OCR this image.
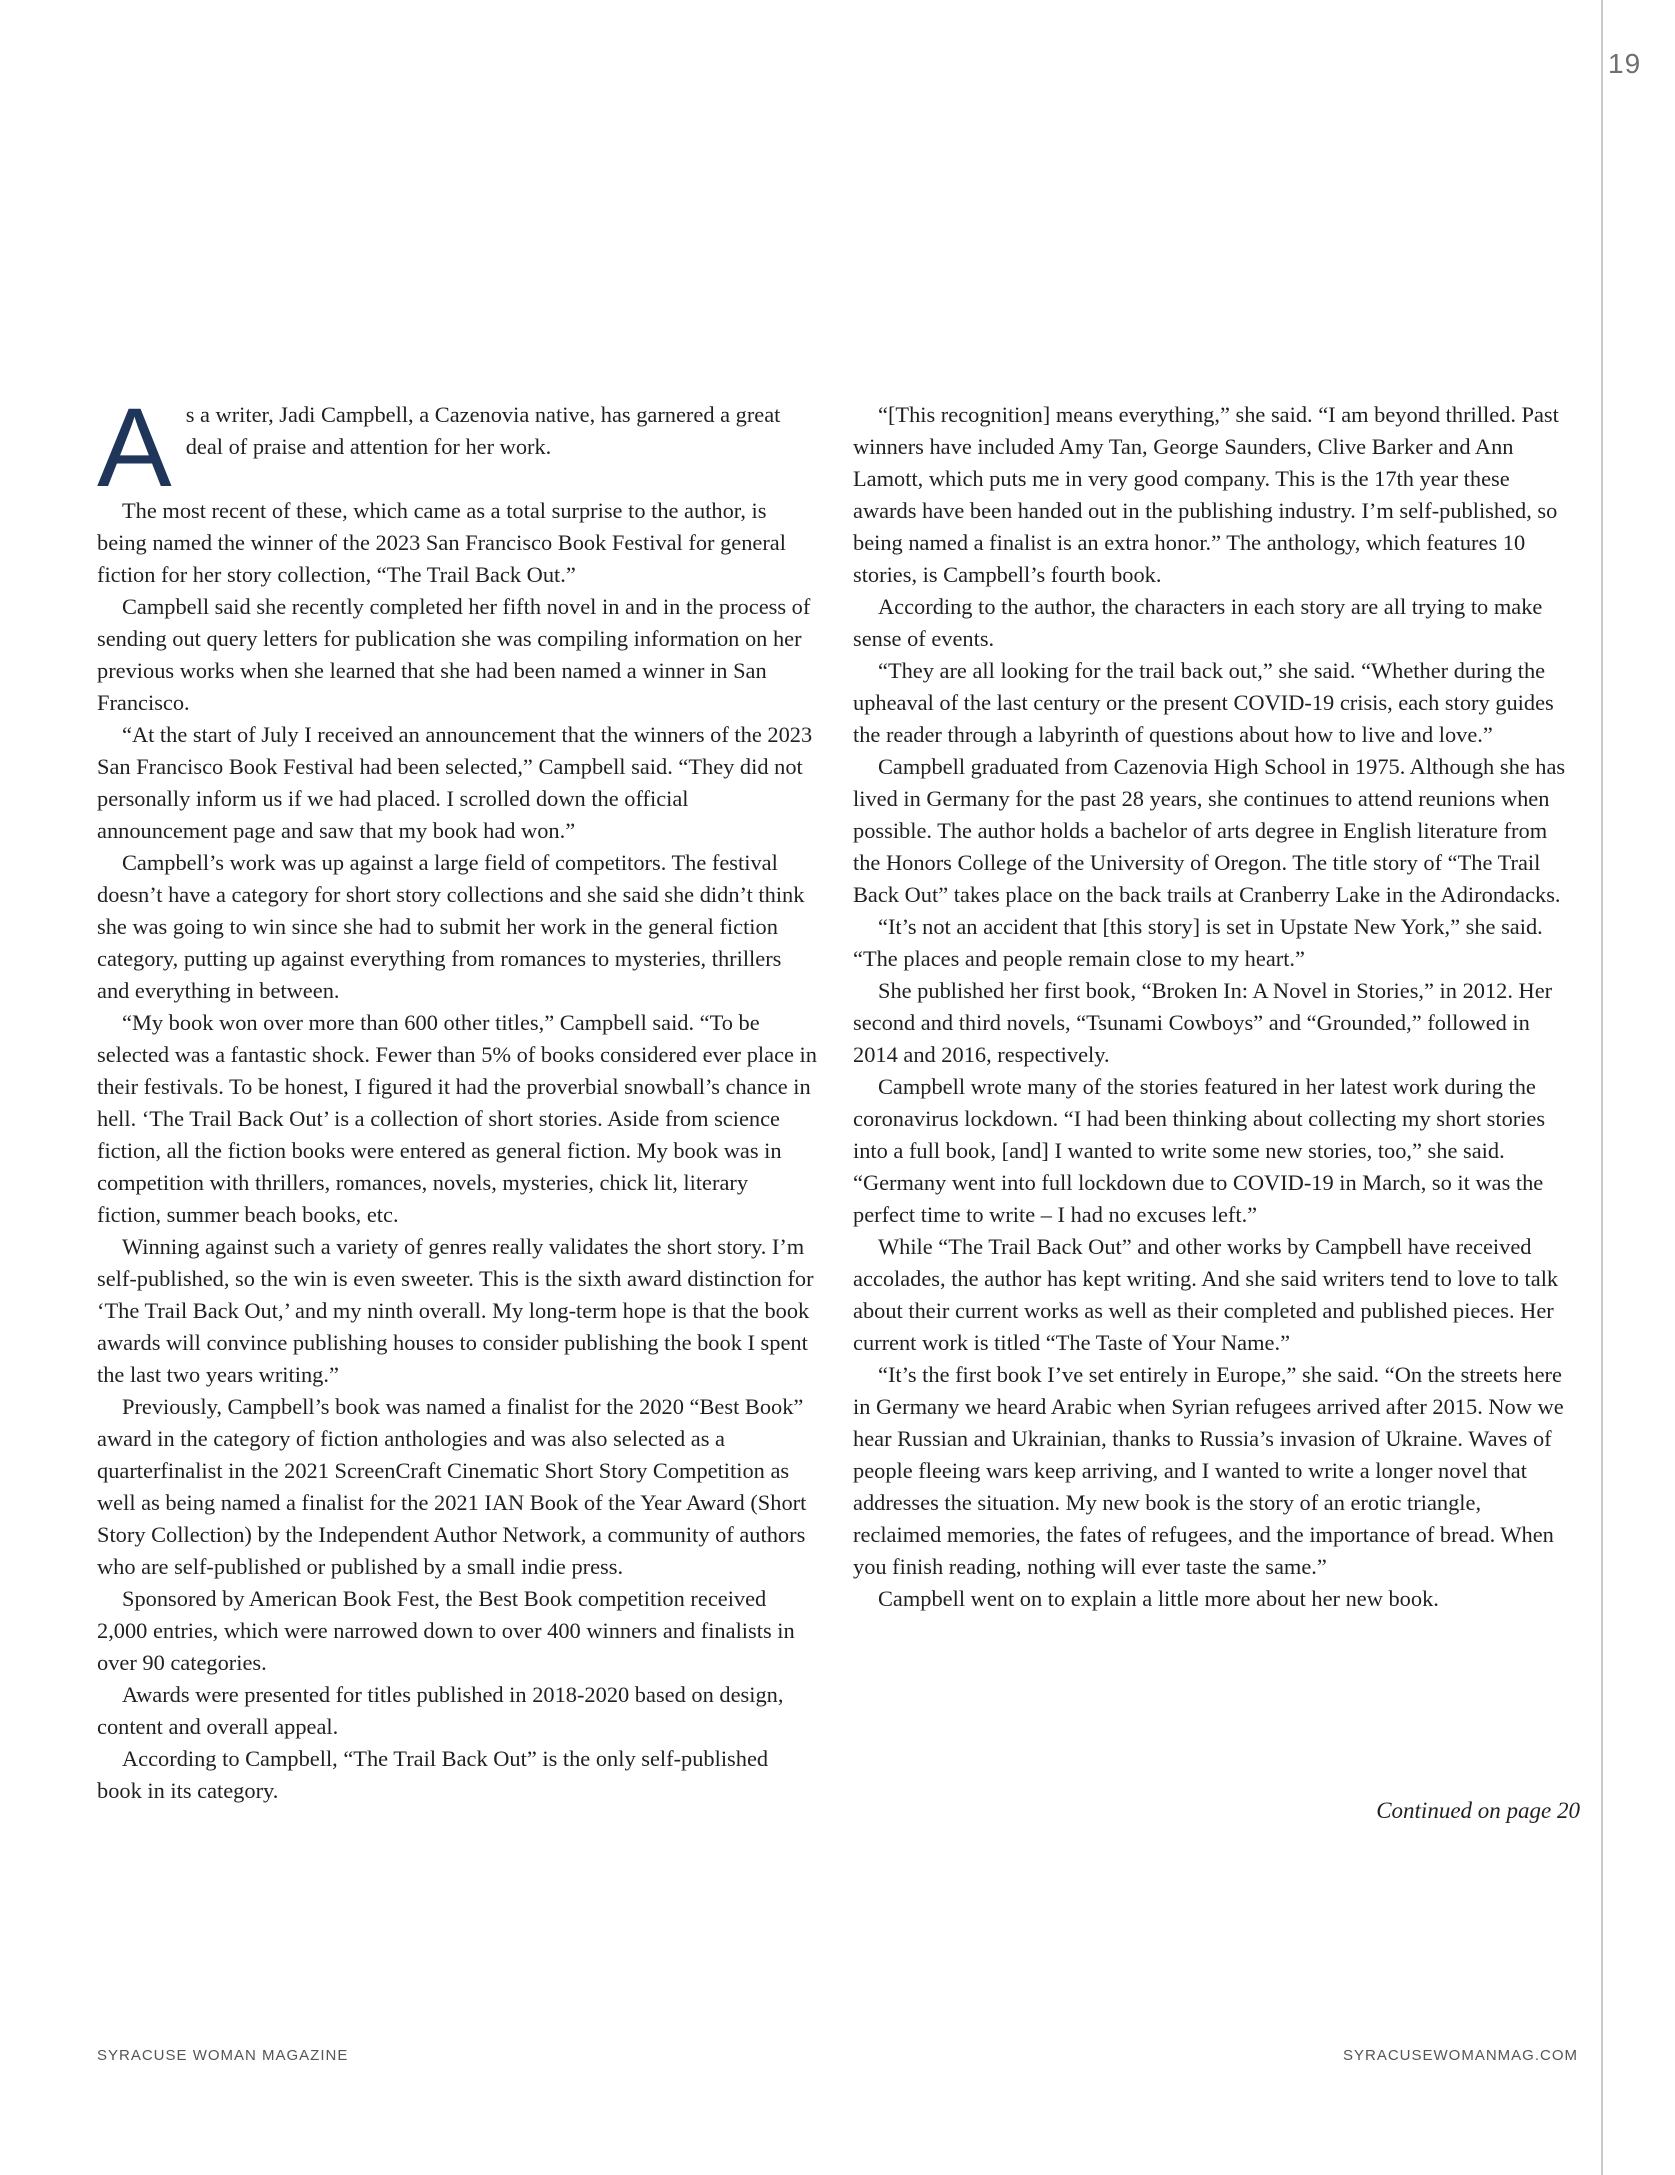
19

As a writer, Jadi Campbell, a Cazenovia native, has garnered a great deal of praise and attention for her work.

The most recent of these, which came as a total surprise to the author, is being named the winner of the 2023 San Francisco Book Festival for general fiction for her story collection, “The Trail Back Out.”

Campbell said she recently completed her fifth novel in and in the process of sending out query letters for publication she was compiling information on her previous works when she learned that she had been named a winner in San Francisco.

“At the start of July I received an announcement that the winners of the 2023 San Francisco Book Festival had been selected,” Campbell said. “They did not personally inform us if we had placed. I scrolled down the official announcement page and saw that my book had won.”

Campbell’s work was up against a large field of competitors. The festival doesn’t have a category for short story collections and she said she didn’t think she was going to win since she had to submit her work in the general fiction category, putting up against everything from romances to mysteries, thrillers and everything in between.

“My book won over more than 600 other titles,” Campbell said. “To be selected was a fantastic shock. Fewer than 5% of books considered ever place in their festivals. To be honest, I figured it had the proverbial snowball’s chance in hell. ‘The Trail Back Out’ is a collection of short stories. Aside from science fiction, all the fiction books were entered as general fiction. My book was in competition with thrillers, romances, novels, mysteries, chick lit, literary fiction, summer beach books, etc.

Winning against such a variety of genres really validates the short story. I’m self-published, so the win is even sweeter. This is the sixth award distinction for ‘The Trail Back Out,’ and my ninth overall. My long-term hope is that the book awards will convince publishing houses to consider publishing the book I spent the last two years writing.”

Previously, Campbell’s book was named a finalist for the 2020 “Best Book” award in the category of fiction anthologies and was also selected as a quarterfinalist in the 2021 ScreenCraft Cinematic Short Story Competition as well as being named a finalist for the 2021 IAN Book of the Year Award (Short Story Collection) by the Independent Author Network, a community of authors who are self-published or published by a small indie press.

Sponsored by American Book Fest, the Best Book competition received 2,000 entries, which were narrowed down to over 400 winners and finalists in over 90 categories.

Awards were presented for titles published in 2018-2020 based on design, content and overall appeal.

According to Campbell, “The Trail Back Out” is the only self-published book in its category.

“[This recognition] means everything,” she said. “I am beyond thrilled. Past winners have included Amy Tan, George Saunders, Clive Barker and Ann Lamott, which puts me in very good company. This is the 17th year these awards have been handed out in the publishing industry. I’m self-published, so being named a finalist is an extra honor.” The anthology, which features 10 stories, is Campbell’s fourth book.

According to the author, the characters in each story are all trying to make sense of events.

“They are all looking for the trail back out,” she said. “Whether during the upheaval of the last century or the present COVID-19 crisis, each story guides the reader through a labyrinth of questions about how to live and love.”

Campbell graduated from Cazenovia High School in 1975. Although she has lived in Germany for the past 28 years, she continues to attend reunions when possible. The author holds a bachelor of arts degree in English literature from the Honors College of the University of Oregon. The title story of “The Trail Back Out” takes place on the back trails at Cranberry Lake in the Adirondacks.

“It’s not an accident that [this story] is set in Upstate New York,” she said. “The places and people remain close to my heart.”

She published her first book, “Broken In: A Novel in Stories,” in 2012. Her second and third novels, “Tsunami Cowboys” and “Grounded,” followed in 2014 and 2016, respectively.

Campbell wrote many of the stories featured in her latest work during the coronavirus lockdown. “I had been thinking about collecting my short stories into a full book, [and] I wanted to write some new stories, too,” she said. “Germany went into full lockdown due to COVID-19 in March, so it was the perfect time to write – I had no excuses left.”

While “The Trail Back Out” and other works by Campbell have received accolades, the author has kept writing. And she said writers tend to love to talk about their current works as well as their completed and published pieces. Her current work is titled “The Taste of Your Name.”

“It’s the first book I’ve set entirely in Europe,” she said. “On the streets here in Germany we heard Arabic when Syrian refugees arrived after 2015. Now we hear Russian and Ukrainian, thanks to Russia’s invasion of Ukraine. Waves of people fleeing wars keep arriving, and I wanted to write a longer novel that addresses the situation. My new book is the story of an erotic triangle, reclaimed memories, the fates of refugees, and the importance of bread. When you finish reading, nothing will ever taste the same.”

Campbell went on to explain a little more about her new book.

Continued on page 20
SYRACUSE WOMAN MAGAZINE	SYRACUSEWOMANMAG.COM
